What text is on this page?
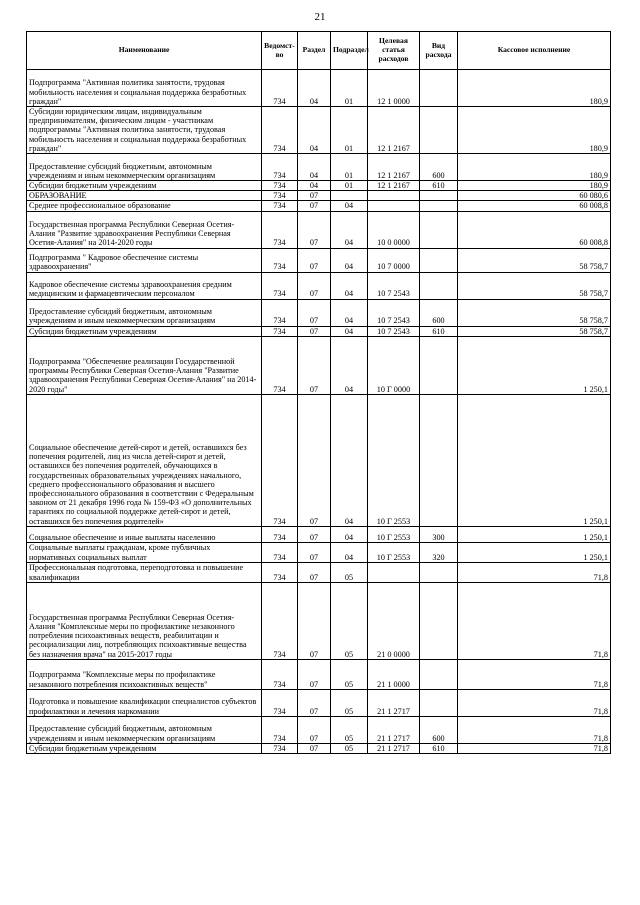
21
Наименование	Ведомст-во	Раздел	Подраздел	Целевая статья расходов	Вид расхода	Кассовое исполнение
Подпрограмма "Активная политика занятости, трудовая мобильность населения и социальная поддержка безработных граждан"	734	04	01	12 1 0000		180,9
Субсидии юридическим лицам, индивидуальным предпринимателям, физическим лицам - участникам подпрограммы "Активная политика занятости, трудовая мобильность населения и социальная поддержка безработных граждан"	734	04	01	12 1 2167		180,9
Предоставление субсидий бюджетным, автономным учреждениям и иным некоммерческим организациям	734	04	01	12 1 2167	600	180,9
Субсидии бюджетным учреждениям	734	04	01	12 1 2167	610	180,9
ОБРАЗОВАНИЕ	734	07				60 080,6
Среднее профессиональное образование	734	07	04			60 008,8
Государственная программа Республики Северная Осетия-Алания "Развитие здравоохранения Республики Северная Осетия-Алания" на 2014-2020 годы	734	07	04	10 0 0000		60 008,8
Подпрограмма " Кадровое обеспечение системы здравоохранения"	734	07	04	10 7 0000		58 758,7
Кадровое обеспечение системы здравоохранения средним медицинским и фармацевтическим персоналом	734	07	04	10 7 2543		58 758,7
Предоставление субсидий бюджетным, автономным учреждениям и иным некоммерческим организациям	734	07	04	10 7 2543	600	58 758,7
Субсидии бюджетным учреждениям	734	07	04	10 7 2543	610	58 758,7
Подпрограмма "Обеспечение реализации Государственной программы Республики Северная Осетия-Алания "Развитие здравоохранения Республики Северная Осетия-Алания" на 2014-2020 годы"	734	07	04	10 Г 0000		1 250,1
Социальное обеспечение детей-сирот и детей, оставшихся без попечения родителей, лиц из числа детей-сирот и детей, оставшихся без попечения родителей, обучающихся в государственных образовательных учреждениях начального, среднего профессионального образования и высшего профессионального образования в соответствии с Федеральным законом от 21 декабря 1996 года № 159-ФЗ «О дополнительных гарантиях по социальной поддержке детей-сирот и детей, оставшихся без попечения родителей»	734	07	04	10 Г 2553		1 250,1
Социальное обеспечение и иные выплаты населению	734	07	04	10 Г 2553	300	1 250,1
Социальные выплаты гражданам, кроме публичных нормативных социальных выплат	734	07	04	10 Г 2553	320	1 250,1
Профессиональная подготовка, переподготовка и повышение квалификации	734	07	05			71,8
Государственная программа Республики Северная Осетия-Алания "Комплексные меры по профилактике незаконного потребления психоактивных веществ, реабилитации и ресоциализации лиц, потребляющих психоактивные вещества без назначения врача" на 2015-2017 годы	734	07	05	21 0 0000		71,8
Подпрограмма "Комплексные меры по профилактике незаконного потребления психоактивных веществ"	734	07	05	21 1 0000		71,8
Подготовка и повышение квалификации специалистов субъектов профилактики и лечения наркомании	734	07	05	21 1 2717		71,8
Предоставление субсидий бюджетным, автономным учреждениям и иным некоммерческим организациям	734	07	05	21 1 2717	600	71,8
Субсидии бюджетным учреждениям	734	07	05	21 1 2717	610	71,8
